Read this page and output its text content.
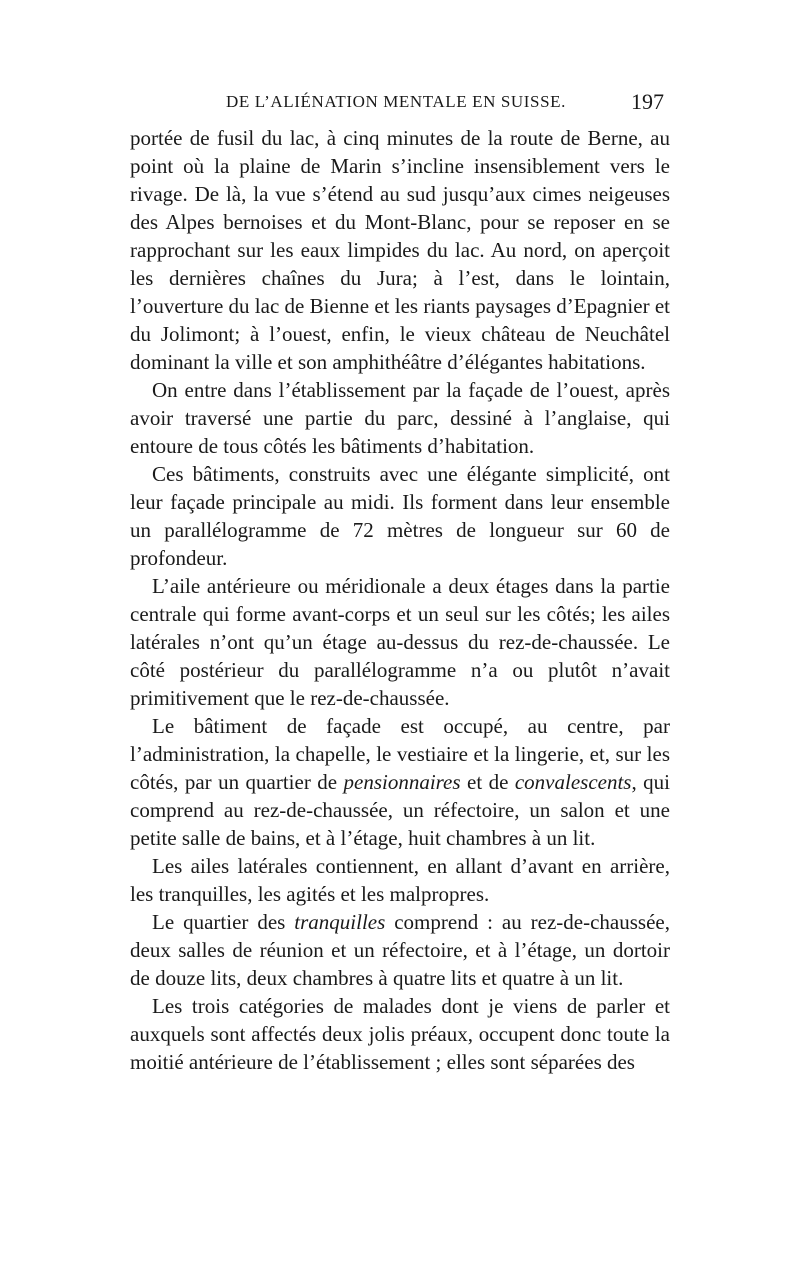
DE L’ALIÉNATION MENTALE EN SUISSE.	197

portée de fusil du lac, à cinq minutes de la route de Berne, au point où la plaine de Marin s’incline insensiblement vers le rivage. De là, la vue s’étend au sud jusqu’aux cimes neigeuses des Alpes bernoises et du Mont-Blanc, pour se reposer en se rapprochant sur les eaux limpides du lac. Au nord, on aperçoit les dernières chaînes du Jura; à l’est, dans le lointain, l’ouverture du lac de Bienne et les riants paysages d’Epagnier et du Jolimont; à l’ouest, enfin, le vieux château de Neuchâtel dominant la ville et son amphithéâtre d’élégantes habitations.

On entre dans l’établissement par la façade de l’ouest, après avoir traversé une partie du parc, dessiné à l’anglaise, qui entoure de tous côtés les bâtiments d’habitation.

Ces bâtiments, construits avec une élégante simplicité, ont leur façade principale au midi. Ils forment dans leur ensemble un parallélogramme de 72 mètres de longueur sur 60 de profondeur.

L’aile antérieure ou méridionale a deux étages dans la partie centrale qui forme avant-corps et un seul sur les côtés; les ailes latérales n’ont qu’un étage au-dessus du rez-de-chaussée. Le côté postérieur du parallélogramme n’a ou plutôt n’avait primitivement que le rez-de-chaussée.

Le bâtiment de façade est occupé, au centre, par l’administration, la chapelle, le vestiaire et la lingerie, et, sur les côtés, par un quartier de pensionnaires et de convalescents, qui comprend au rez-de-chaussée, un réfectoire, un salon et une petite salle de bains, et à l’étage, huit chambres à un lit.

Les ailes latérales contiennent, en allant d’avant en arrière, les tranquilles, les agités et les malpropres.

Le quartier des tranquilles comprend : au rez-de-chaussée, deux salles de réunion et un réfectoire, et à l’étage, un dortoir de douze lits, deux chambres à quatre lits et quatre à un lit.

Les trois catégories de malades dont je viens de parler et auxquels sont affectés deux jolis préaux, occupent donc toute la moitié antérieure de l’établissement ; elles sont séparées des
